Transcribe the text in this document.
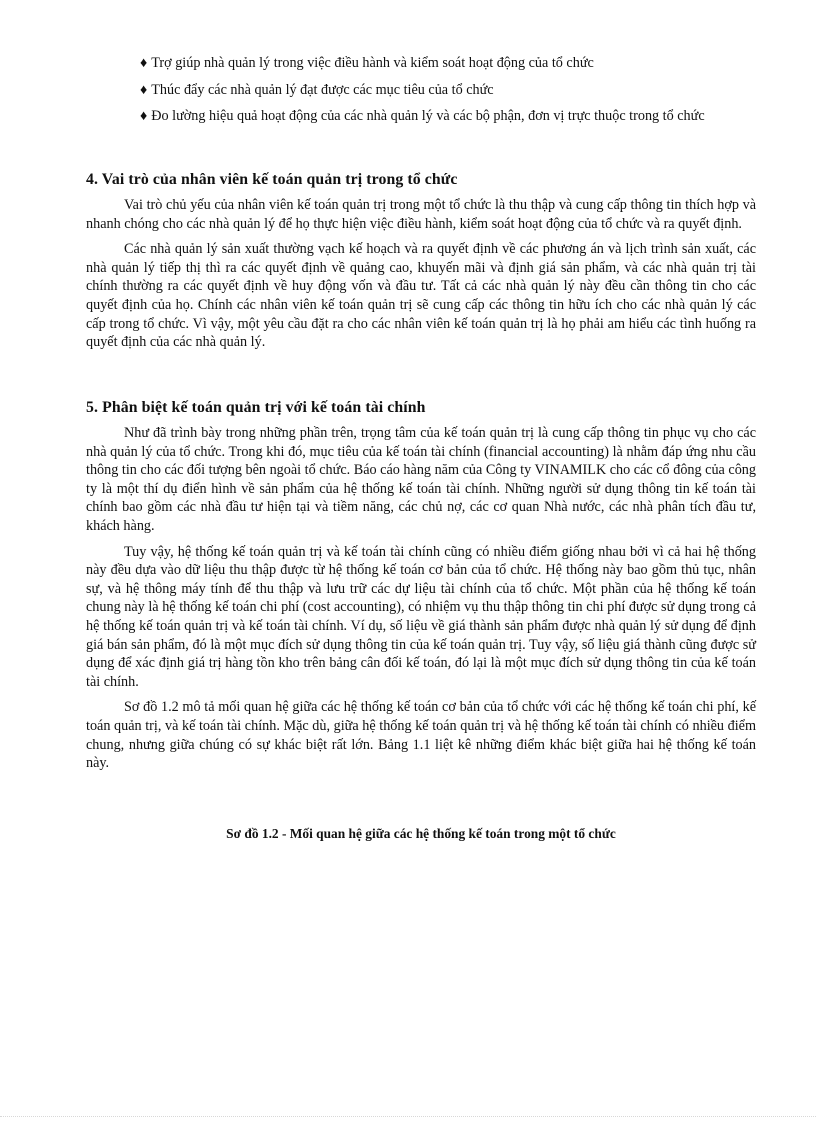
♦ Trợ giúp nhà quản lý trong việc điều hành và kiểm soát hoạt động của tổ chức
♦ Thúc đẩy các nhà quản lý đạt được các mục tiêu của tổ chức
♦ Đo lường hiệu quả hoạt động của các nhà quản lý và các bộ phận, đơn vị trực thuộc trong tổ chức
4. Vai trò của nhân viên kế toán quản trị trong tổ chức

Vai trò chủ yếu của nhân viên kế toán quản trị trong một tổ chức là thu thập và cung cấp thông tin thích hợp và nhanh chóng cho các nhà quản lý để họ thực hiện việc điều hành, kiểm soát hoạt động của tổ chức và ra quyết định.

Các nhà quản lý sản xuất thường vạch kế hoạch và ra quyết định về các phương án và lịch trình sản xuất, các nhà quản lý tiếp thị thì ra các quyết định về quảng cao, khuyến mãi và định giá sản phẩm, và các nhà quản trị tài chính thường ra các quyết định về huy động vốn và đầu tư. Tất cả các nhà quản lý này đều cần thông tin cho các quyết định của họ. Chính các nhân viên kế toán quản trị sẽ cung cấp các thông tin hữu ích cho các nhà quản lý các cấp trong tổ chức. Vì vậy, một yêu cầu đặt ra cho các nhân viên kế toán quản trị là họ phải am hiểu các tình huống ra quyết định của các nhà quản lý.

5. Phân biệt kế toán quản trị với kế toán tài chính

Như đã trình bày trong những phần trên, trọng tâm của kế toán quản trị là cung cấp thông tin phục vụ cho các nhà quản lý của tổ chức. Trong khi đó, mục tiêu của kế toán tài chính (financial accounting) là nhằm đáp ứng nhu cầu thông tin cho các đối tượng bên ngoài tổ chức. Báo cáo hàng năm của Công ty VINAMILK cho các cổ đông của công ty là một thí dụ điển hình về sản phẩm của hệ thống kế toán tài chính. Những người sử dụng thông tin kế toán tài chính bao gồm các nhà đầu tư hiện tại và tiềm năng, các chủ nợ, các cơ quan Nhà nước, các nhà phân tích đầu tư, khách hàng.

Tuy vậy, hệ thống kế toán quản trị và kế toán tài chính cũng có nhiều điểm giống nhau bởi vì cả hai hệ thống này đều dựa vào dữ liệu thu thập được từ hệ thống kế toán cơ bản của tổ chức. Hệ thống này bao gồm thủ tục, nhân sự, và hệ thông máy tính để thu thập và lưu trữ các dự liệu tài chính của tổ chức. Một phần của hệ thống kế toán chung này là hệ thống kế toán chi phí (cost accounting), có nhiệm vụ thu thập thông tin chi phí được sử dụng trong cả hệ thống kế toán quản trị và kế toán tài chính. Ví dụ, số liệu về giá thành sản phẩm được nhà quản lý sử dụng để định giá bán sản phẩm, đó là một mục đích sử dụng thông tin của kế toán quản trị. Tuy vậy, số liệu giá thành cũng được sử dụng để xác định giá trị hàng tồn kho trên bảng cân đối kế toán, đó lại là một mục đích sử dụng thông tin của kế toán tài chính.

Sơ đồ 1.2 mô tả mối quan hệ giữa các hệ thống kế toán cơ bản của tổ chức với các hệ thống kế toán chi phí, kế toán quản trị, và kế toán tài chính. Mặc dù, giữa hệ thống kế toán quản trị và hệ thống kế toán tài chính có nhiều điểm chung, nhưng giữa chúng có sự khác biệt rất lớn. Bảng 1.1 liệt kê những điểm khác biệt giữa hai hệ thống kế toán này.

Sơ đồ 1.2 - Mối quan hệ giữa các hệ thống kế toán trong một tổ chức
